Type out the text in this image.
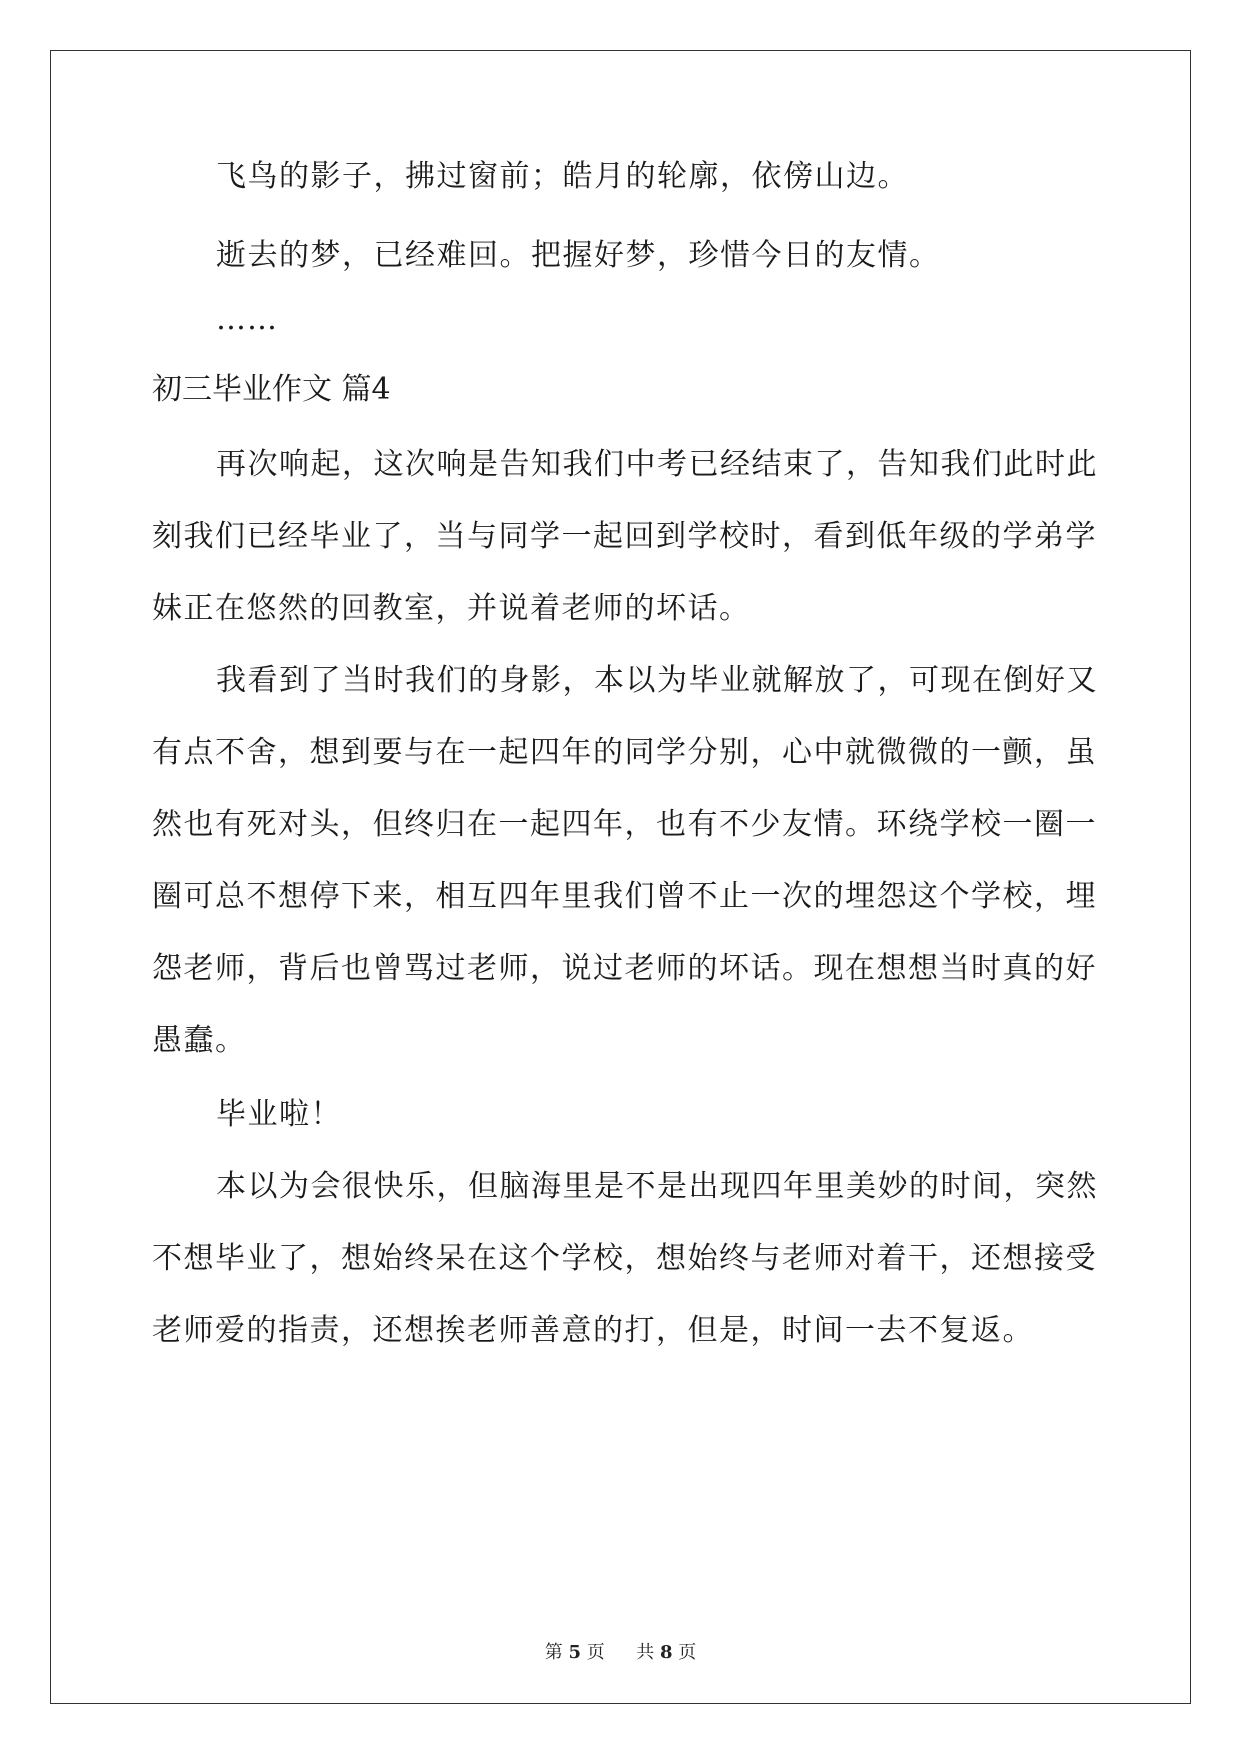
飞鸟的影子，拂过窗前；皓月的轮廓，依傍山边。
逝去的梦，已经难回。把握好梦，珍惜今日的友情。
……
初三毕业作文 篇4
再次响起，这次响是告知我们中考已经结束了，告知我们此时此
刻我们已经毕业了，当与同学一起回到学校时，看到低年级的学弟学
妹正在悠然的回教室，并说着老师的坏话。
我看到了当时我们的身影，本以为毕业就解放了，可现在倒好又
有点不舍，想到要与在一起四年的同学分别，心中就微微的一颤，虽
然也有死对头，但终归在一起四年，也有不少友情。环绕学校一圈一
圈可总不想停下来，相互四年里我们曾不止一次的埋怨这个学校，埋
怨老师，背后也曾骂过老师，说过老师的坏话。现在想想当时真的好
愚蠢。
毕业啦！
本以为会很快乐，但脑海里是不是出现四年里美妙的时间，突然
不想毕业了，想始终呆在这个学校，想始终与老师对着干，还想接受
老师爱的指责，还想挨老师善意的打，但是，时间一去不复返。
第 5 页 共 8 页
